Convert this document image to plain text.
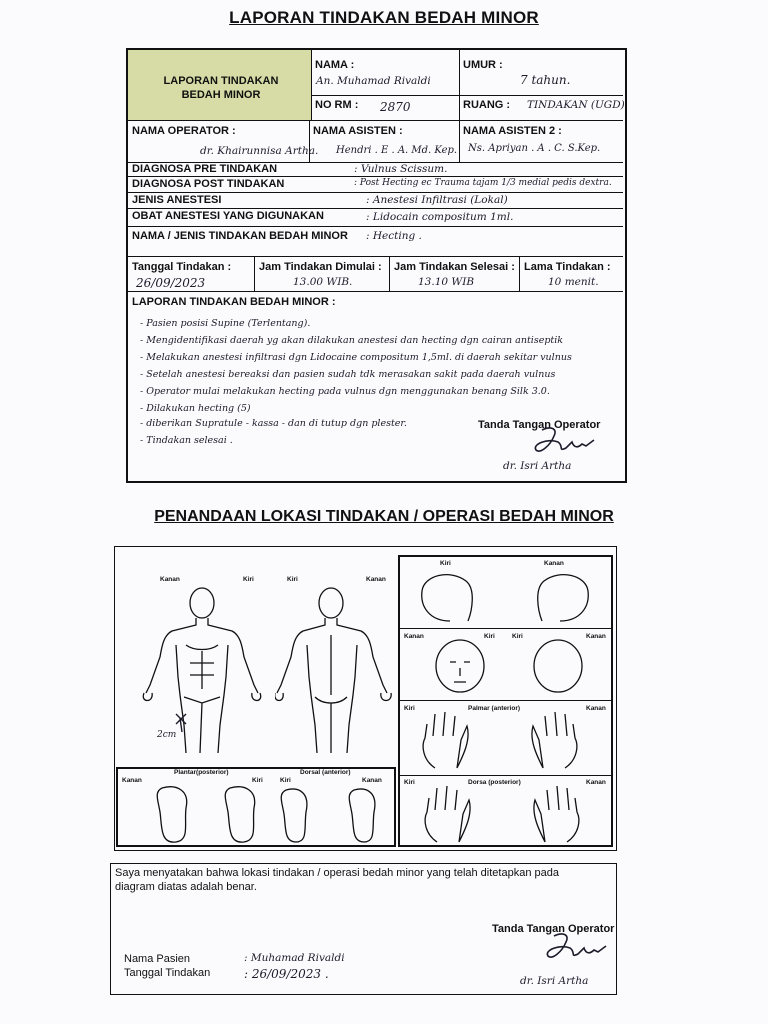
LAPORAN TINDAKAN BEDAH MINOR
LAPORAN TINDAKAN BEDAH MINOR
NAMA :
An. Muhamad Rivaldi
NO RM : 2870
UMUR :
7 tahun.
RUANG : TINDAKAN (UGD)
NAMA OPERATOR :
dr. Khairunnisa Artha.
NAMA ASISTEN :
Hendri . E . A. Md. Kep.
NAMA ASISTEN 2 :
Ns. Apriyan . A . C. S.Kep.
DIAGNOSA PRE TINDAKAN	: Vulnus Scissum.
DIAGNOSA POST TINDAKAN	: Post Hecting ec Trauma tajam 1/3 medial pedis dextra.
JENIS ANESTESI	: Anestesi Infiltrasi (Lokal)
OBAT ANESTESI YANG DIGUNAKAN	: Lidocain compositum 1ml.
NAMA / JENIS TINDAKAN BEDAH MINOR : Hecting .
Tanggal Tindakan :
26/09/2023
Jam Tindakan Dimulai :
13.00 WIB.
Jam Tindakan Selesai :
13.10 WIB
Lama Tindakan :
10 menit.
LAPORAN TINDAKAN BEDAH MINOR :
- Pasien posisi Supine (Terlentang).
- Mengidentifikasi daerah yg akan dilakukan anestesi dan hecting dgn cairan antiseptik
- Melakukan anestesi infiltrasi dgn Lidocaine compositum 1,5ml. di daerah sekitar vulnus
- Setelah anestesi bereaksi dan pasien sudah tdk merasakan sakit pada daerah vulnus
- Operator mulai melakukan hecting pada vulnus dgn menggunakan benang Silk 3.0.
- Dilakukan hecting (5)
- diberikan Supratule - kassa - dan di tutup dgn plester.
- Tindakan selesai .
Tanda Tangan Operator
dr. Isri Artha
PENANDAAN LOKASI TINDAKAN / OPERASI BEDAH MINOR
Kanan	Kiri	Kiri	Kanan
2cm
Plantar(posterior)	Dorsal (anterior)
Kanan	Kiri	Kiri	Kanan
Kiri	Kanan
Kanan	Kiri	Kiri	Kanan
Kiri	Palmar (anterior)	Kanan
Kiri	Dorsa (posterior)	Kanan
Saya menyatakan bahwa lokasi tindakan / operasi bedah minor yang telah ditetapkan pada
diagram diatas adalah benar.
Tanda Tangan Operator
Nama Pasien	: Muhamad Rivaldi
Tanggal Tindakan	: 26/09/2023 .	dr. Isri Artha
